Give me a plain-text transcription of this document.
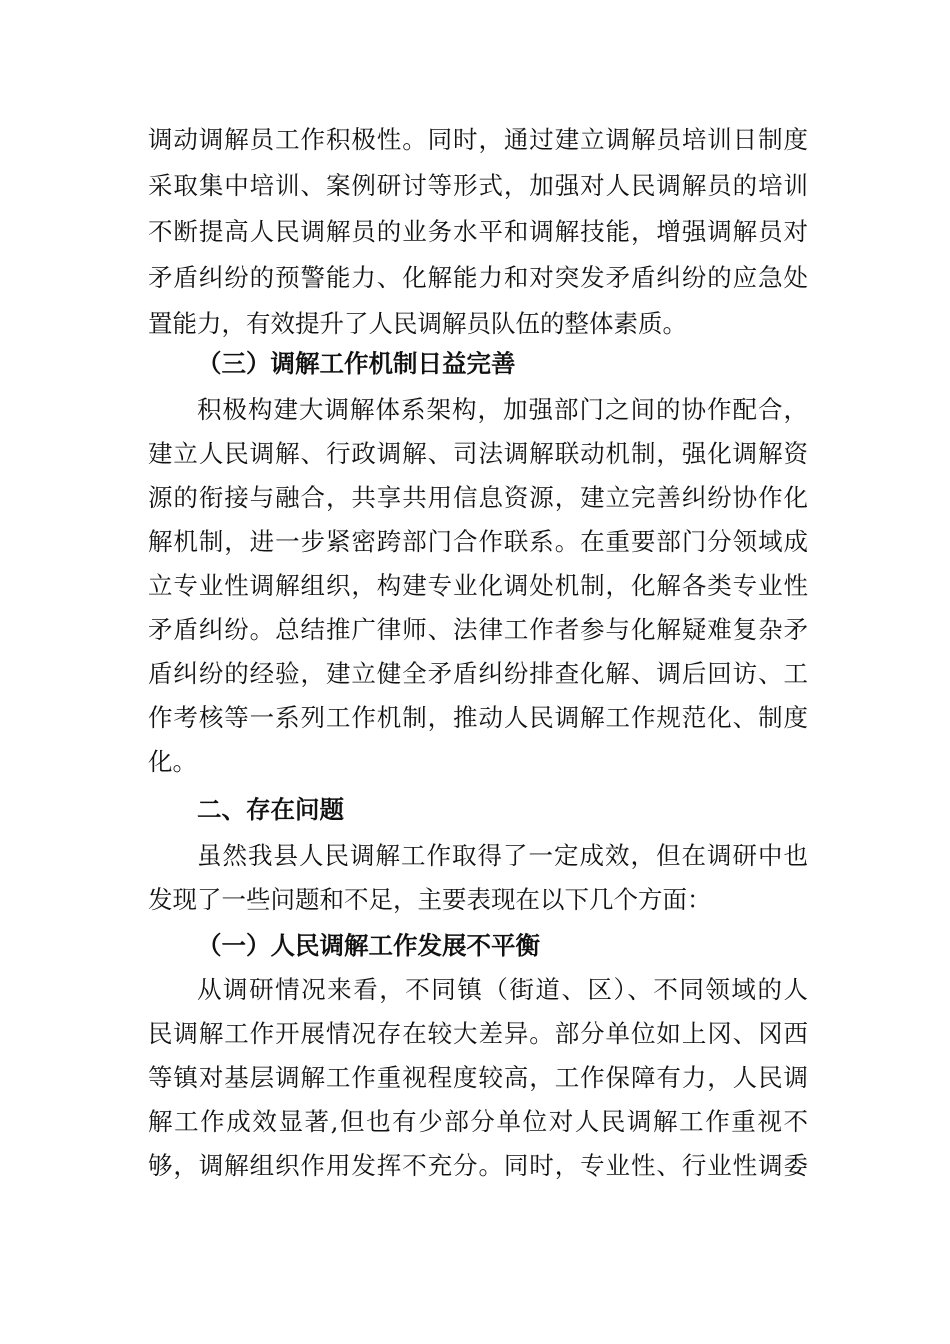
调动调解员工作积极性。同时，通过建立调解员培训日制度
采取集中培训、案例研讨等形式，加强对人民调解员的培训
不断提高人民调解员的业务水平和调解技能，增强调解员对
矛盾纠纷的预警能力、化解能力和对突发矛盾纠纷的应急处
置能力，有效提升了人民调解员队伍的整体素质。
（三）调解工作机制日益完善
积极构建大调解体系架构，加强部门之间的协作配合，
建立人民调解、行政调解、司法调解联动机制，强化调解资
源的衔接与融合，共享共用信息资源，建立完善纠纷协作化
解机制，进一步紧密跨部门合作联系。在重要部门分领域成
立专业性调解组织，构建专业化调处机制，化解各类专业性
矛盾纠纷。总结推广律师、法律工作者参与化解疑难复杂矛
盾纠纷的经验，建立健全矛盾纠纷排查化解、调后回访、工
作考核等一系列工作机制，推动人民调解工作规范化、制度
化。
二、存在问题
虽然我县人民调解工作取得了一定成效，但在调研中也
发现了一些问题和不足，主要表现在以下几个方面：
（一）人民调解工作发展不平衡
从调研情况来看，不同镇（街道、区）、不同领域的人
民调解工作开展情况存在较大差异。部分单位如上冈、冈西
等镇对基层调解工作重视程度较高，工作保障有力，人民调
解工作成效显著,但也有少部分单位对人民调解工作重视不
够，调解组织作用发挥不充分。同时，专业性、行业性调委
